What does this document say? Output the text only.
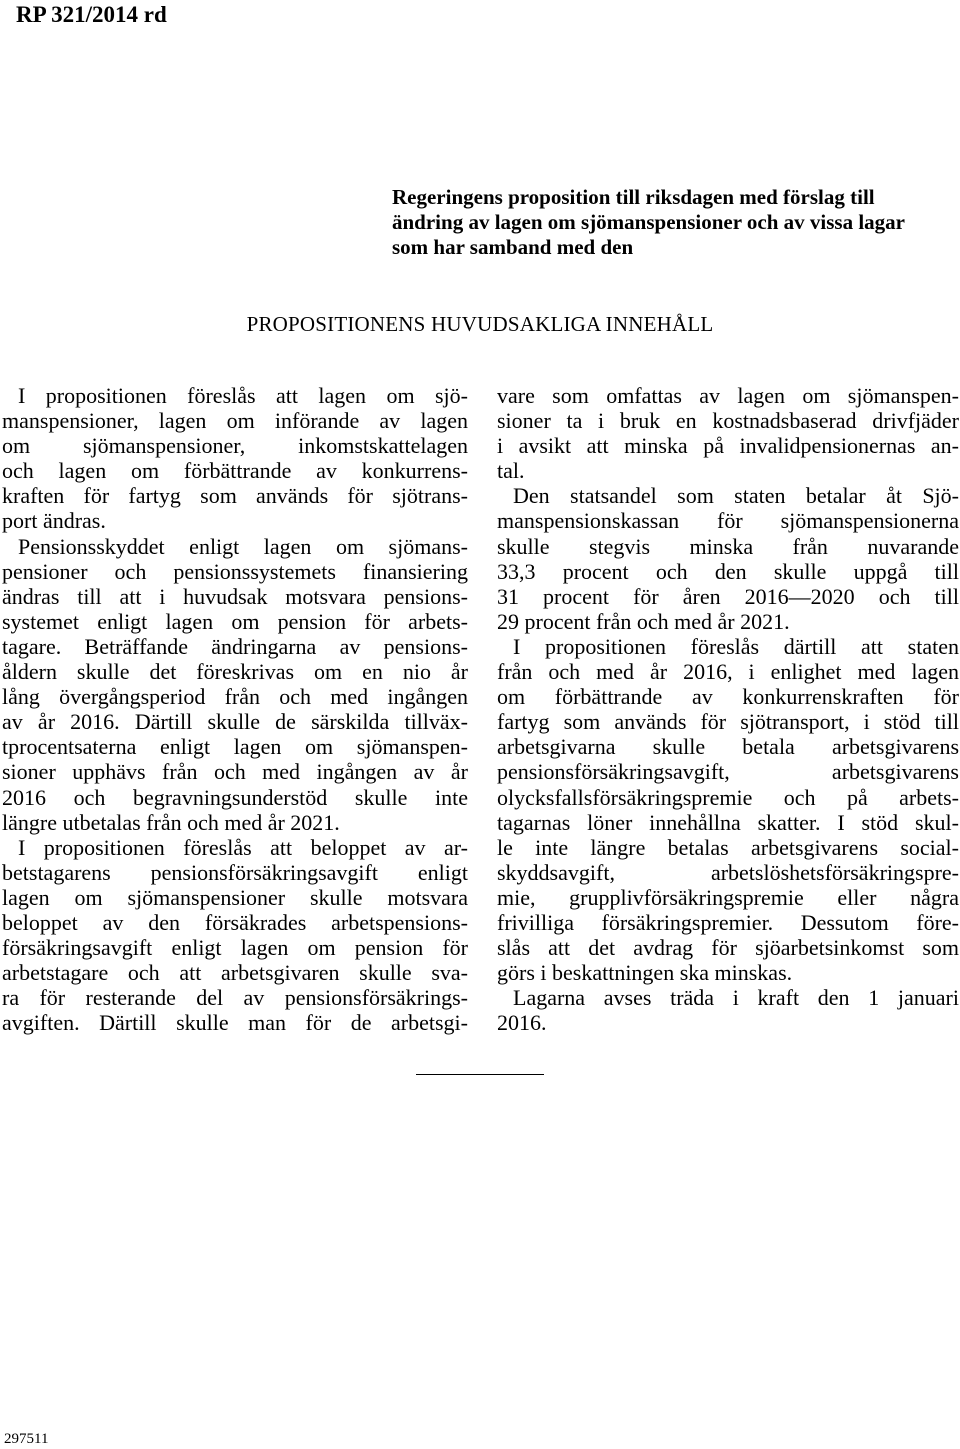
RP 321/2014 rd
Regeringens proposition till riksdagen med förslag till
ändring av lagen om sjömanspensioner och av vissa lagar
som har samband med den
PROPOSITIONENS HUVUDSAKLIGA INNEHÅLL
I propositionen föreslås att lagen om sjö-
manspensioner, lagen om införande av lagen
om sjömanspensioner, inkomstskattelagen
och lagen om förbättrande av konkurrens-
kraften för fartyg som används för sjötrans-
port ändras.
Pensionsskyddet enligt lagen om sjömans-
pensioner och pensionssystemets finansiering
ändras till att i huvudsak motsvara pensions-
systemet enligt lagen om pension för arbets-
tagare. Beträffande ändringarna av pensions-
åldern skulle det föreskrivas om en nio år
lång övergångsperiod från och med ingången
av år 2016. Därtill skulle de särskilda tillväx-
tprocentsaterna enligt lagen om sjömanspen-
sioner upphävs från och med ingången av år
2016 och begravningsunderstöd skulle inte
längre utbetalas från och med år 2021.
I propositionen föreslås att beloppet av ar-
betstagarens pensionsförsäkringsavgift enligt
lagen om sjömanspensioner skulle motsvara
beloppet av den försäkrades arbetspensions-
försäkringsavgift enligt lagen om pension för
arbetstagare och att arbetsgivaren skulle sva-
ra för resterande del av pensionsförsäkrings-
avgiften. Därtill skulle man för de arbetsgi-
vare som omfattas av lagen om sjömanspen-
sioner ta i bruk en kostnadsbaserad drivfjäder
i avsikt att minska på invalidpensionernas an-
tal.
Den statsandel som staten betalar åt Sjö-
manspensionskassan för sjömanspensionerna
skulle stegvis minska från nuvarande
33,3 procent och den skulle uppgå till
31 procent för åren 2016—2020 och till
29 procent från och med år 2021.
I propositionen föreslås därtill att staten
från och med år 2016, i enlighet med lagen
om förbättrande av konkurrenskraften för
fartyg som används för sjötransport, i stöd till
arbetsgivarna skulle betala arbetsgivarens
pensionsförsäkringsavgift, arbetsgivarens
olycksfallsförsäkringspremie och på arbets-
tagarnas löner innehållna skatter. I stöd skul-
le inte längre betalas arbetsgivarens social-
skyddsavgift, arbetslöshetsförsäkringspre-
mie, grupplivförsäkringspremie eller några
frivilliga försäkringspremier. Dessutom före-
slås att det avdrag för sjöarbetsinkomst som
görs i beskattningen ska minskas.
Lagarna avses träda i kraft den 1 januari
2016.
297511
